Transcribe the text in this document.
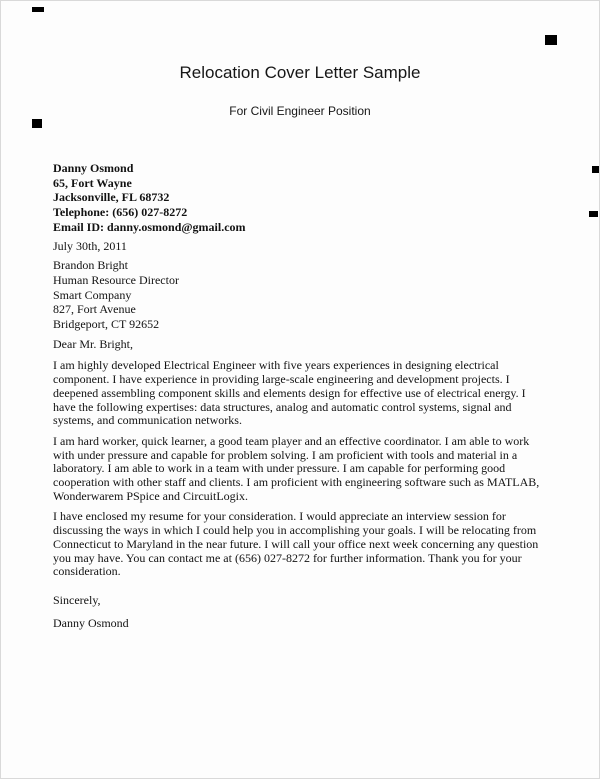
Relocation Cover Letter Sample
For Civil Engineer Position

Danny Osmond

65, Fort Wayne

Jacksonville, FL 68732

Telephone: (656) 027-8272

Email ID: danny.osmond@gmail.com

July 30th, 2011

Brandon Bright

Human Resource Director

Smart Company

827, Fort Avenue

Bridgeport, CT 92652

Dear Mr. Bright,

I am highly developed Electrical Engineer with five years experiences in designing electrical component. I have experience in providing large-scale engineering and development projects. I deepened assembling component skills and elements design for effective use of electrical energy. I have the following expertises: data structures, analog and automatic control systems, signal and systems, and communication networks.

I am hard worker, quick learner, a good team player and an effective coordinator. I am able to work with under pressure and capable for problem solving. I am proficient with tools and material in a laboratory. I am able to work in a team with under pressure. I am capable for performing good cooperation with other staff and clients. I am proficient with engineering software such as MATLAB, Wonderwarem PSpice and CircuitLogix.

I have enclosed my resume for your consideration. I would appreciate an interview session for discussing the ways in which I could help you in accomplishing your goals. I will be relocating from Connecticut to Maryland in the near future. I will call your office next week concerning any question you may have. You can contact me at (656) 027-8272 for further information. Thank you for your consideration.

Sincerely,

Danny Osmond
